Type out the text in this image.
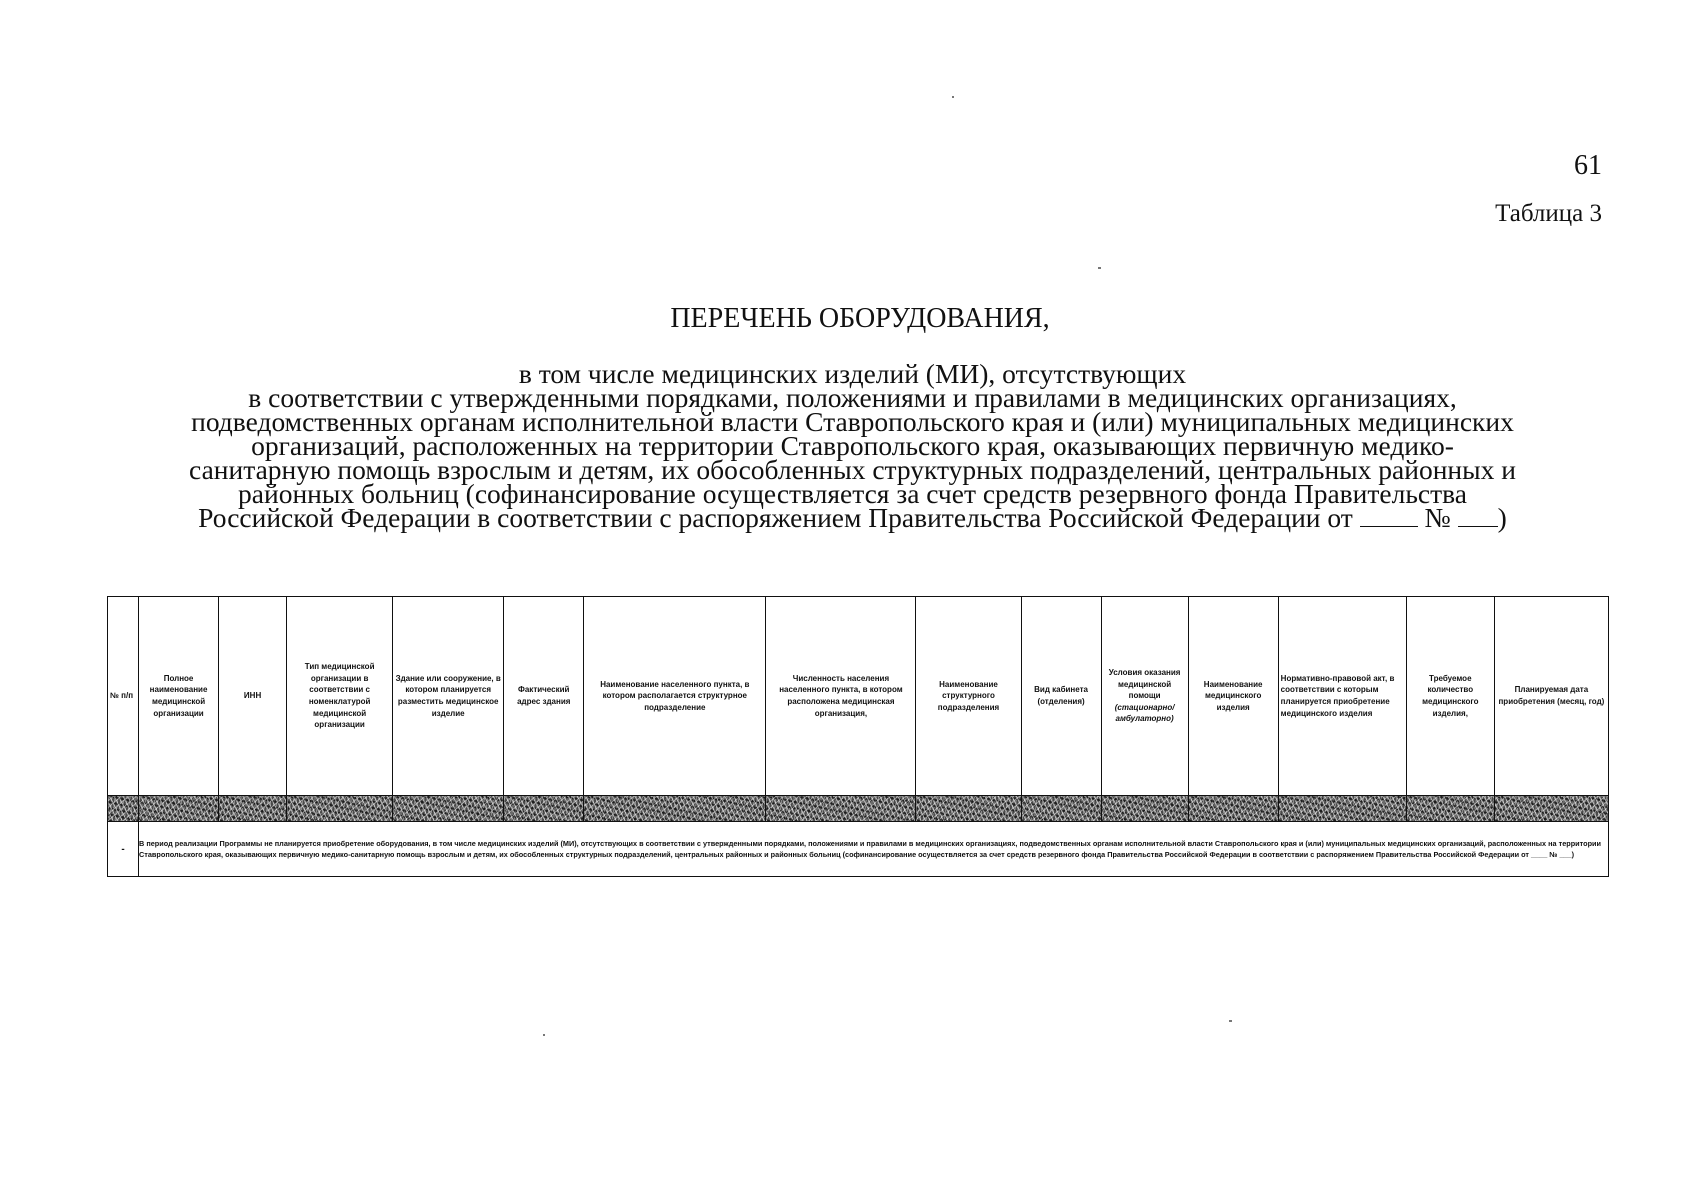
61
Таблица 3
ПЕРЕЧЕНЬ ОБОРУДОВАНИЯ,
в том числе медицинских изделий (МИ), отсутствующих
в соответствии с утвержденными порядками, положениями и правилами в медицинских организациях,
подведомственных органам исполнительной власти Ставропольского края и (или) муниципальных медицинских
организаций, расположенных на территории Ставропольского края, оказывающих первичную медико-
санитарную помощь взрослым и детям, их обособленных структурных подразделений, центральных районных и
районных больниц (софинансирование осуществляется за счет средств резервного фонда Правительства
Российской Федерации в соответствии с распоряжением Правительства Российской Федерации от	№ )
№ п/п	Полное наименование медицинской организации	ИНН	Тип медицинской организации в соответствии с номенклатурой медицинской организации	Здание или сооружение, в котором планируется разместить медицинское изделие	Фактический адрес здания	Наименование населенного пункта, в котором располагается структурное подразделение	Численность населения населенного пункта, в котором расположена медицинская организация,	Наименование структурного подразделения	Вид кабинета (отделения)	Условия оказания медицинской помощи
(стационарно/амбулаторно)	Наименование медицинского изделия	Нормативно-правовой акт, в соответствии с которым планируется приобретение медицинского изделия	Требуемое количество медицинского изделия,	Планируемая дата приобретения (месяц, год)

-	В период реализации Программы не планируется приобретение оборудования, в том числе медицинских изделий (МИ), отсутствующих в соответствии с утвержденными порядками, положениями и правилами в медицинских организациях, подведомственных органам исполнительной власти Ставропольского края и (или) муниципальных медицинских организаций, расположенных на территории Ставропольского края, оказывающих первичную медико-санитарную помощь взрослым и детям, их обособленных структурных подразделений, центральных районных и районных больниц (софинансирование осуществляется за счет средств резервного фонда Правительства Российской Федерации в соответствии с распоряжением Правительства Российской Федерации от ____ № ___)													
